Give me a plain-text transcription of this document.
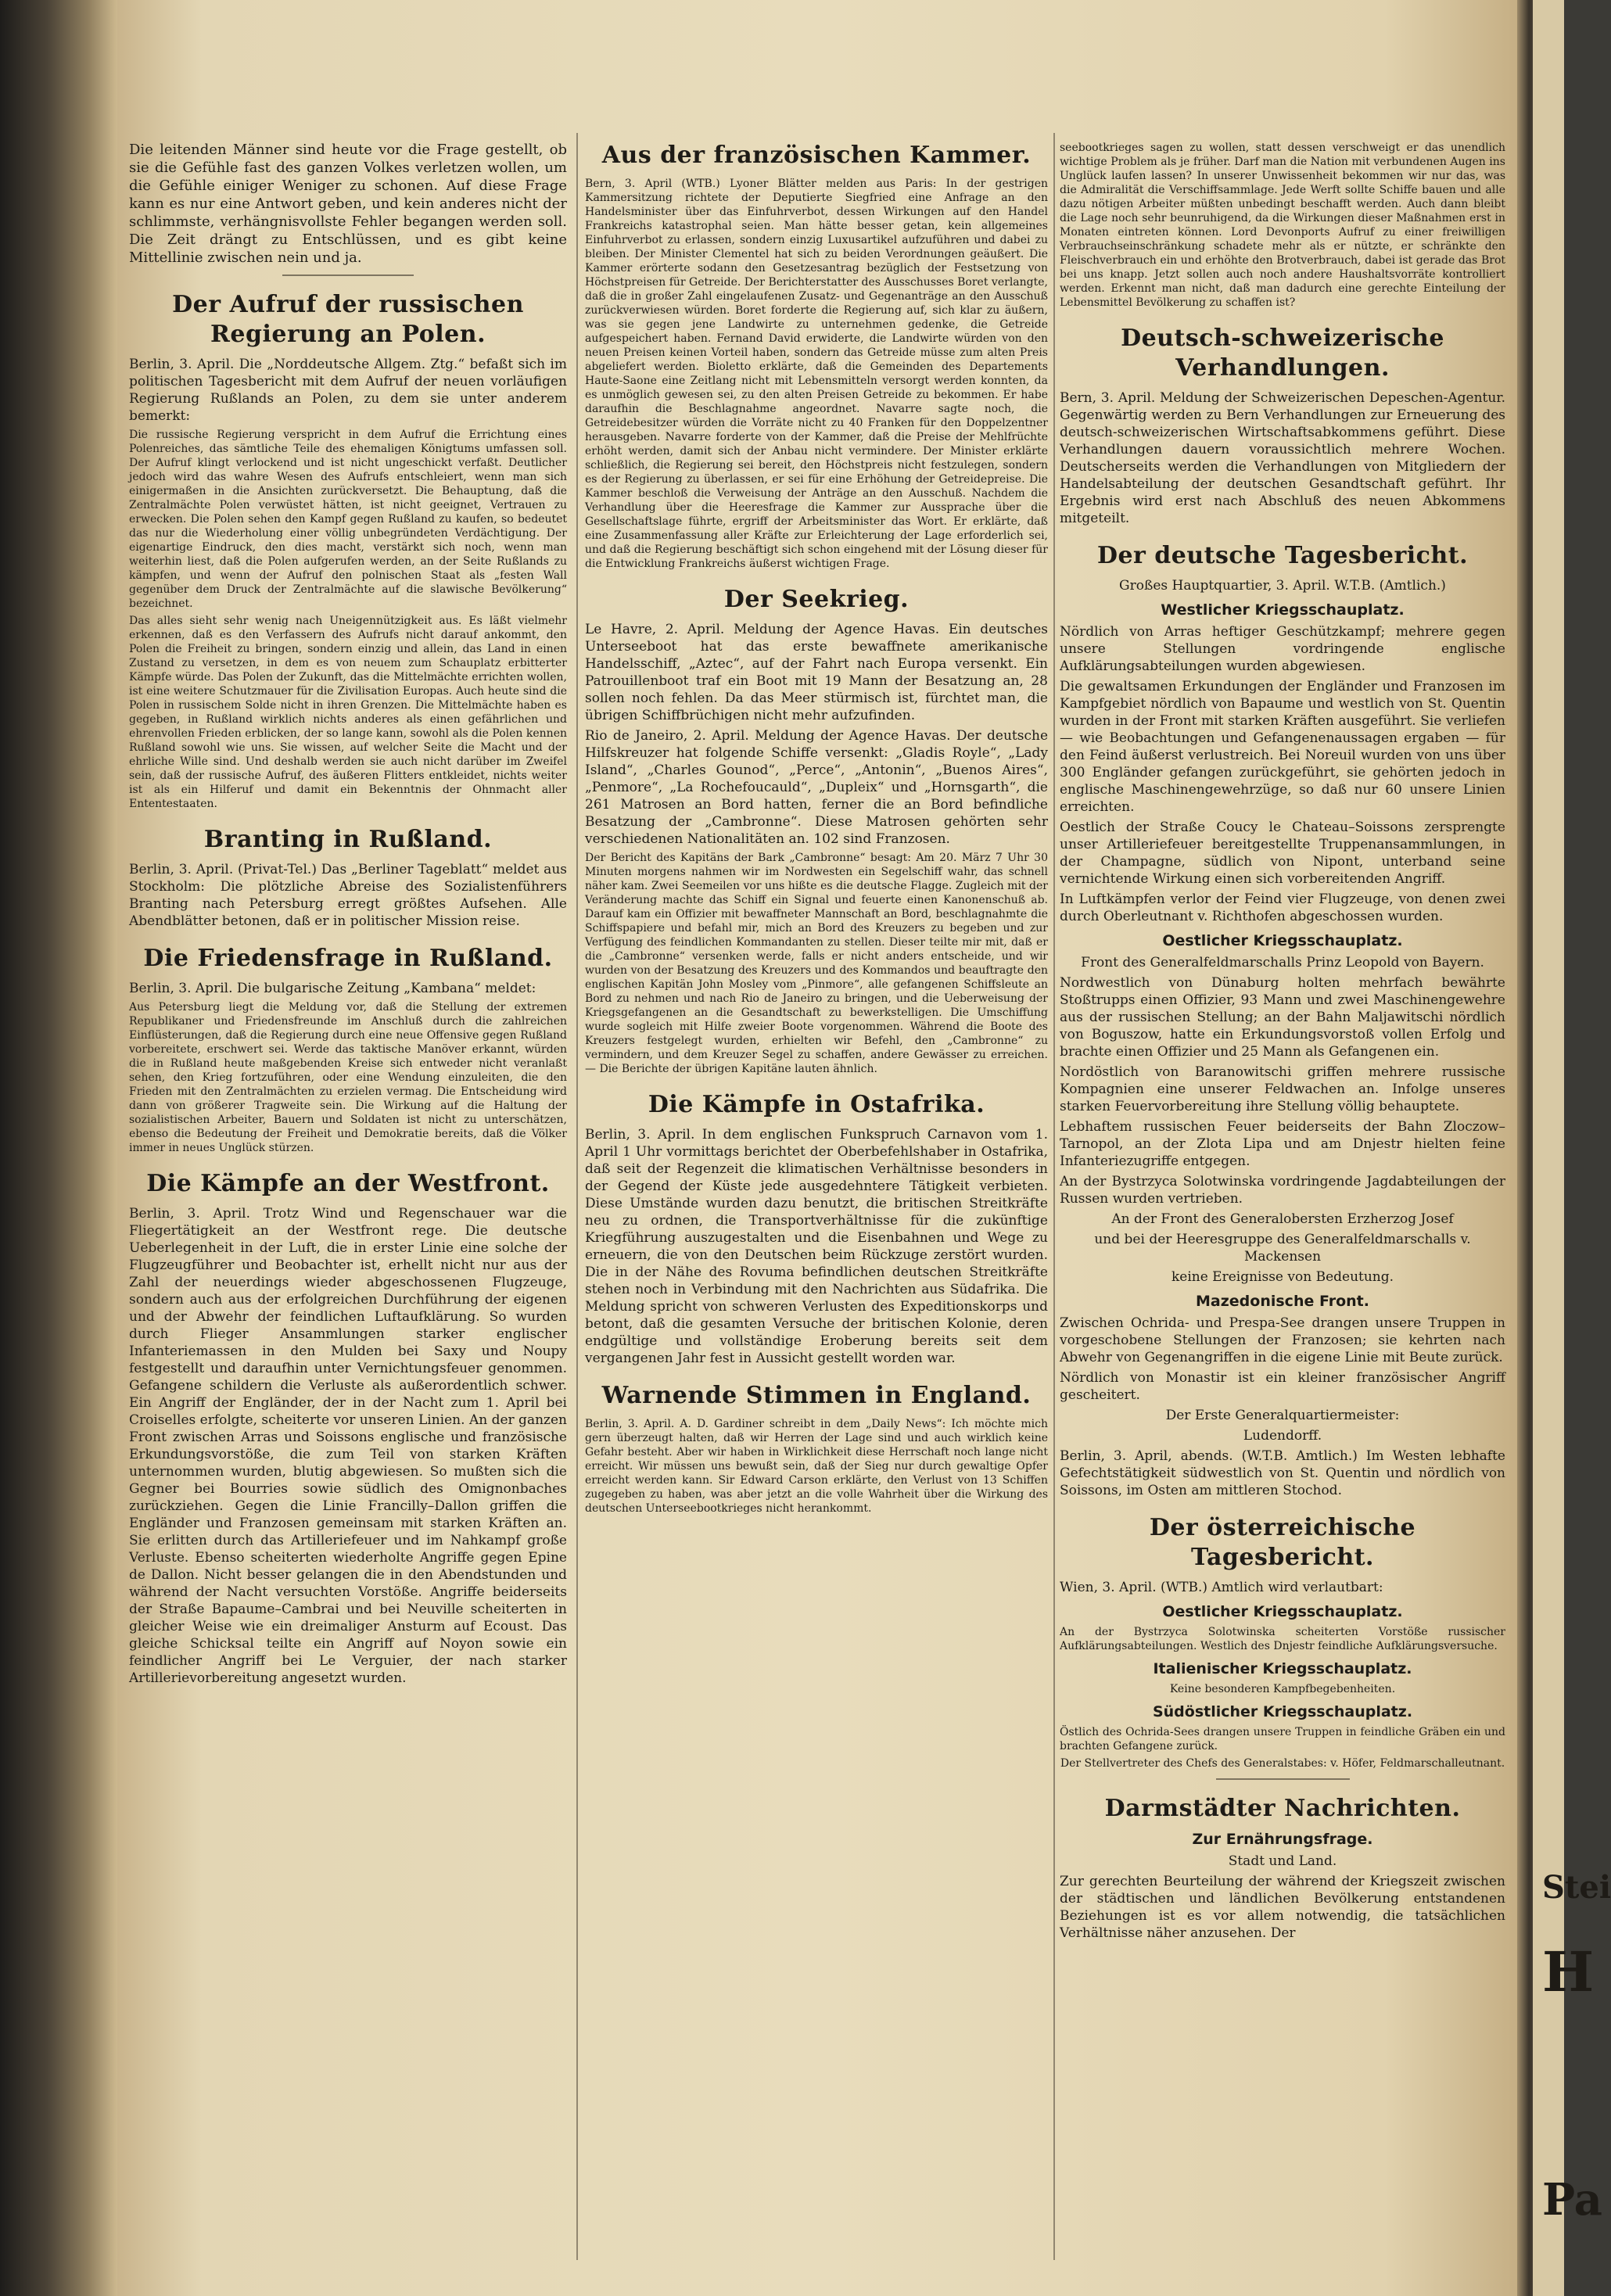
Stei
H
Pa

Die leitenden Männer sind heute vor die Frage gestellt, ob sie die Gefühle fast des ganzen Volkes verletzen wollen, um die Gefühle einiger Weniger zu schonen. Auf diese Frage kann es nur eine Antwort geben, und kein anderes nicht der schlimmste, verhängnisvollste Fehler begangen werden soll. Die Zeit drängt zu Entschlüssen, und es gibt keine Mittellinie zwischen nein und ja.

Der Aufruf der russischen Regierung an Polen.

Berlin, 3. April. Die „Norddeutsche Allgem. Ztg.“ befaßt sich im politischen Tagesbericht mit dem Aufruf der neuen vorläufigen Regierung Rußlands an Polen, zu dem sie unter anderem bemerkt:

Die russische Regierung verspricht in dem Aufruf die Errichtung eines Polenreiches, das sämtliche Teile des ehemaligen Königtums umfassen soll. Der Aufruf klingt verlockend und ist nicht ungeschickt verfaßt. Deutlicher jedoch wird das wahre Wesen des Aufrufs entschleiert, wenn man sich einigermaßen in die Ansichten zurückversetzt. Die Behauptung, daß die Zentralmächte Polen verwüstet hätten, ist nicht geeignet, Vertrauen zu erwecken. Die Polen sehen den Kampf gegen Rußland zu kaufen, so bedeutet das nur die Wiederholung einer völlig unbegründeten Verdächtigung. Der eigenartige Eindruck, den dies macht, verstärkt sich noch, wenn man weiterhin liest, daß die Polen aufgerufen werden, an der Seite Rußlands zu kämpfen, und wenn der Aufruf den polnischen Staat als „festen Wall gegenüber dem Druck der Zentralmächte auf die slawische Bevölkerung“ bezeichnet.

Das alles sieht sehr wenig nach Uneigennützigkeit aus. Es läßt vielmehr erkennen, daß es den Verfassern des Aufrufs nicht darauf ankommt, den Polen die Freiheit zu bringen, sondern einzig und allein, das Land in einen Zustand zu versetzen, in dem es von neuem zum Schauplatz erbitterter Kämpfe würde. Das Polen der Zukunft, das die Mittelmächte errichten wollen, ist eine weitere Schutzmauer für die Zivilisation Europas. Auch heute sind die Polen in russischem Solde nicht in ihren Grenzen. Die Mittelmächte haben es gegeben, in Rußland wirklich nichts anderes als einen gefährlichen und ehrenvollen Frieden erblicken, der so lange kann, sowohl als die Polen kennen Rußland sowohl wie uns. Sie wissen, auf welcher Seite die Macht und der ehrliche Wille sind. Und deshalb werden sie auch nicht darüber im Zweifel sein, daß der russische Aufruf, des äußeren Flitters entkleidet, nichts weiter ist als ein Hilferuf und damit ein Bekenntnis der Ohnmacht aller Ententestaaten.

Branting in Rußland.

Berlin, 3. April. (Privat-Tel.) Das „Berliner Tageblatt“ meldet aus Stockholm: Die plötzliche Abreise des Sozialistenführers Branting nach Petersburg erregt größtes Aufsehen. Alle Abendblätter betonen, daß er in politischer Mission reise.

Die Friedensfrage in Rußland.

Berlin, 3. April. Die bulgarische Zeitung „Kambana“ meldet:

Aus Petersburg liegt die Meldung vor, daß die Stellung der extremen Republikaner und Friedensfreunde im Anschluß durch die zahlreichen Einflüsterungen, daß die Regierung durch eine neue Offensive gegen Rußland vorbereitete, erschwert sei. Werde das taktische Manöver erkannt, würden die in Rußland heute maßgebenden Kreise sich entweder nicht veranlaßt sehen, den Krieg fortzuführen, oder eine Wendung einzuleiten, die den Frieden mit den Zentralmächten zu erzielen vermag. Die Entscheidung wird dann von größerer Tragweite sein. Die Wirkung auf die Haltung der sozialistischen Arbeiter, Bauern und Soldaten ist nicht zu unterschätzen, ebenso die Bedeutung der Freiheit und Demokratie bereits, daß die Völker immer in neues Unglück stürzen.

Die Kämpfe an der Westfront.

Berlin, 3. April. Trotz Wind und Regenschauer war die Fliegertätigkeit an der Westfront rege. Die deutsche Ueberlegenheit in der Luft, die in erster Linie eine solche der Flugzeugführer und Beobachter ist, erhellt nicht nur aus der Zahl der neuerdings wieder abgeschossenen Flugzeuge, sondern auch aus der erfolgreichen Durchführung der eigenen und der Abwehr der feindlichen Luftaufklärung. So wurden durch Flieger Ansammlungen starker englischer Infanteriemassen in den Mulden bei Saxy und Noupy festgestellt und daraufhin unter Vernichtungsfeuer genommen. Gefangene schildern die Verluste als außerordentlich schwer. Ein Angriff der Engländer, der in der Nacht zum 1. April bei Croiselles erfolgte, scheiterte vor unseren Linien. An der ganzen Front zwischen Arras und Soissons englische und französische Erkundungsvorstöße, die zum Teil von starken Kräften unternommen wurden, blutig abgewiesen. So mußten sich die Gegner bei Bourries sowie südlich des Omignonbaches zurückziehen. Gegen die Linie Francilly–Dallon griffen die Engländer und Franzosen gemeinsam mit starken Kräften an. Sie erlitten durch das Artilleriefeuer und im Nahkampf große Verluste. Ebenso scheiterten wiederholte Angriffe gegen Epine de Dallon. Nicht besser gelangen die in den Abendstunden und während der Nacht versuchten Vorstöße. Angriffe beiderseits der Straße Bapaume–Cambrai und bei Neuville scheiterten in gleicher Weise wie ein dreimaliger Ansturm auf Ecoust. Das gleiche Schicksal teilte ein Angriff auf Noyon sowie ein feindlicher Angriff bei Le Verguier, der nach starker Artillerievorbereitung angesetzt wurden.

Aus der französischen Kammer.

Bern, 3. April (WTB.) Lyoner Blätter melden aus Paris: In der gestrigen Kammersitzung richtete der Deputierte Siegfried eine Anfrage an den Handelsminister über das Einfuhrverbot, dessen Wirkungen auf den Handel Frankreichs katastrophal seien. Man hätte besser getan, kein allgemeines Einfuhrverbot zu erlassen, sondern einzig Luxusartikel aufzuführen und dabei zu bleiben. Der Minister Clementel hat sich zu beiden Verordnungen geäußert. Die Kammer erörterte sodann den Gesetzesantrag bezüglich der Festsetzung von Höchstpreisen für Getreide. Der Berichterstatter des Ausschusses Boret verlangte, daß die in großer Zahl eingelaufenen Zusatz- und Gegenanträge an den Ausschuß zurückverwiesen würden. Boret forderte die Regierung auf, sich klar zu äußern, was sie gegen jene Landwirte zu unternehmen gedenke, die Getreide aufgespeichert haben. Fernand David erwiderte, die Landwirte würden von den neuen Preisen keinen Vorteil haben, sondern das Getreide müsse zum alten Preis abgeliefert werden. Bioletto erklärte, daß die Gemeinden des Departements Haute-Saone eine Zeitlang nicht mit Lebensmitteln versorgt werden konnten, da es unmöglich gewesen sei, zu den alten Preisen Getreide zu bekommen. Er habe daraufhin die Beschlagnahme angeordnet. Navarre sagte noch, die Getreidebesitzer würden die Vorräte nicht zu 40 Franken für den Doppelzentner herausgeben. Navarre forderte von der Kammer, daß die Preise der Mehlfrüchte erhöht werden, damit sich der Anbau nicht vermindere. Der Minister erklärte schließlich, die Regierung sei bereit, den Höchstpreis nicht festzulegen, sondern es der Regierung zu überlassen, er sei für eine Erhöhung der Getreidepreise. Die Kammer beschloß die Verweisung der Anträge an den Ausschuß. Nachdem die Verhandlung über die Heeresfrage die Kammer zur Aussprache über die Gesellschaftslage führte, ergriff der Arbeitsminister das Wort. Er erklärte, daß eine Zusammenfassung aller Kräfte zur Erleichterung der Lage erforderlich sei, und daß die Regierung beschäftigt sich schon eingehend mit der Lösung dieser für die Entwicklung Frankreichs äußerst wichtigen Frage.

Der Seekrieg.

Le Havre, 2. April. Meldung der Agence Havas. Ein deutsches Unterseeboot hat das erste bewaffnete amerikanische Handelsschiff, „Aztec“, auf der Fahrt nach Europa versenkt. Ein Patrouillenboot traf ein Boot mit 19 Mann der Besatzung an, 28 sollen noch fehlen. Da das Meer stürmisch ist, fürchtet man, die übrigen Schiffbrüchigen nicht mehr aufzufinden.

Rio de Janeiro, 2. April. Meldung der Agence Havas. Der deutsche Hilfskreuzer hat folgende Schiffe versenkt: „Gladis Royle“, „Lady Island“, „Charles Gounod“, „Perce“, „Antonin“, „Buenos Aires“, „Penmore“, „La Rochefoucauld“, „Dupleix“ und „Hornsgarth“, die 261 Matrosen an Bord hatten, ferner die an Bord befindliche Besatzung der „Cambronne“. Diese Matrosen gehörten sehr verschiedenen Nationalitäten an. 102 sind Franzosen.

Der Bericht des Kapitäns der Bark „Cambronne“ besagt: Am 20. März 7 Uhr 30 Minuten morgens nahmen wir im Nordwesten ein Segelschiff wahr, das schnell näher kam. Zwei Seemeilen vor uns hißte es die deutsche Flagge. Zugleich mit der Veränderung machte das Schiff ein Signal und feuerte einen Kanonenschuß ab. Darauf kam ein Offizier mit bewaffneter Mannschaft an Bord, beschlagnahmte die Schiffspapiere und befahl mir, mich an Bord des Kreuzers zu begeben und zur Verfügung des feindlichen Kommandanten zu stellen. Dieser teilte mir mit, daß er die „Cambronne“ versenken werde, falls er nicht anders entscheide, und wir wurden von der Besatzung des Kreuzers und des Kommandos und beauftragte den englischen Kapitän John Mosley vom „Pinmore“, alle gefangenen Schiffsleute an Bord zu nehmen und nach Rio de Janeiro zu bringen, und die Ueberweisung der Kriegsgefangenen an die Gesandtschaft zu bewerkstelligen. Die Umschiffung wurde sogleich mit Hilfe zweier Boote vorgenommen. Während die Boote des Kreuzers festgelegt wurden, erhielten wir Befehl, den „Cambronne“ zu vermindern, und dem Kreuzer Segel zu schaffen, andere Gewässer zu erreichen. — Die Berichte der übrigen Kapitäne lauten ähnlich.

Die Kämpfe in Ostafrika.

Berlin, 3. April. In dem englischen Funkspruch Carnavon vom 1. April 1 Uhr vormittags berichtet der Oberbefehlshaber in Ostafrika, daß seit der Regenzeit die klimatischen Verhältnisse besonders in der Gegend der Küste jede ausgedehntere Tätigkeit verbieten. Diese Umstände wurden dazu benutzt, die britischen Streitkräfte neu zu ordnen, die Transportverhältnisse für die zukünftige Kriegführung auszugestalten und die Eisenbahnen und Wege zu erneuern, die von den Deutschen beim Rückzuge zerstört wurden. Die in der Nähe des Rovuma befindlichen deutschen Streitkräfte stehen noch in Verbindung mit den Nachrichten aus Südafrika. Die Meldung spricht von schweren Verlusten des Expeditionskorps und betont, daß die gesamten Versuche der britischen Kolonie, deren endgültige und vollständige Eroberung bereits seit dem vergangenen Jahr fest in Aussicht gestellt worden war.

Warnende Stimmen in England.

Berlin, 3. April. A. D. Gardiner schreibt in dem „Daily News“: Ich möchte mich gern überzeugt halten, daß wir Herren der Lage sind und auch wirklich keine Gefahr besteht. Aber wir haben in Wirklichkeit diese Herrschaft noch lange nicht erreicht. Wir müssen uns bewußt sein, daß der Sieg nur durch gewaltige Opfer erreicht werden kann. Sir Edward Carson erklärte, den Verlust von 13 Schiffen zugegeben zu haben, was aber jetzt an die volle Wahrheit über die Wirkung des deutschen Unterseebootkrieges nicht herankommt.

seebootkrieges sagen zu wollen, statt dessen verschweigt er das unendlich wichtige Problem als je früher. Darf man die Nation mit verbundenen Augen ins Unglück laufen lassen? In unserer Unwissenheit bekommen wir nur das, was die Admiralität die Verschiffsammlage. Jede Werft sollte Schiffe bauen und alle dazu nötigen Arbeiter müßten unbedingt beschafft werden. Auch dann bleibt die Lage noch sehr beunruhigend, da die Wirkungen dieser Maßnahmen erst in Monaten eintreten können. Lord Devonports Aufruf zu einer freiwilligen Verbrauchseinschränkung schadete mehr als er nützte, er schränkte den Fleischverbrauch ein und erhöhte den Brotverbrauch, dabei ist gerade das Brot bei uns knapp. Jetzt sollen auch noch andere Haushaltsvorräte kontrolliert werden. Erkennt man nicht, daß man dadurch eine gerechte Einteilung der Lebensmittel Bevölkerung zu schaffen ist?

Deutsch-schweizerische Verhandlungen.

Bern, 3. April. Meldung der Schweizerischen Depeschen-Agentur. Gegenwärtig werden zu Bern Verhandlungen zur Erneuerung des deutsch-schweizerischen Wirtschaftsabkommens geführt. Diese Verhandlungen dauern voraussichtlich mehrere Wochen. Deutscherseits werden die Verhandlungen von Mitgliedern der Handelsabteilung der deutschen Gesandtschaft geführt. Ihr Ergebnis wird erst nach Abschluß des neuen Abkommens mitgeteilt.

Der deutsche Tagesbericht.

Großes Hauptquartier, 3. April. W.T.B. (Amtlich.)

Westlicher Kriegsschauplatz.

Nördlich von Arras heftiger Geschützkampf; mehrere gegen unsere Stellungen vordringende englische Aufklärungsabteilungen wurden abgewiesen.

Die gewaltsamen Erkundungen der Engländer und Franzosen im Kampfgebiet nördlich von Bapaume und westlich von St. Quentin wurden in der Front mit starken Kräften ausgeführt. Sie verliefen — wie Beobachtungen und Gefangenenaussagen ergaben — für den Feind äußerst verlustreich. Bei Noreuil wurden von uns über 300 Engländer gefangen zurückgeführt, sie gehörten jedoch in englische Maschinengewehrzüge, so daß nur 60 unsere Linien erreichten.

Oestlich der Straße Coucy le Chateau–Soissons zersprengte unser Artilleriefeuer bereitgestellte Truppenansammlungen, in der Champagne, südlich von Nipont, unterband seine vernichtende Wirkung einen sich vorbereitenden Angriff.

In Luftkämpfen verlor der Feind vier Flugzeuge, von denen zwei durch Oberleutnant v. Richthofen abgeschossen wurden.

Oestlicher Kriegsschauplatz.

Front des Generalfeldmarschalls Prinz Leopold von Bayern.

Nordwestlich von Dünaburg holten mehrfach bewährte Stoßtrupps einen Offizier, 93 Mann und zwei Maschinengewehre aus der russischen Stellung; an der Bahn Maljawitschi nördlich von Boguszow, hatte ein Erkundungsvorstoß vollen Erfolg und brachte einen Offizier und 25 Mann als Gefangenen ein.

Nordöstlich von Baranowitschi griffen mehrere russische Kompagnien eine unserer Feldwachen an. Infolge unseres starken Feuervorbereitung ihre Stellung völlig behauptete.

Lebhaftem russischen Feuer beiderseits der Bahn Zloczow–Tarnopol, an der Zlota Lipa und am Dnjestr hielten feine Infanteriezugriffe entgegen.

An der Bystrzyca Solotwinska vordringende Jagdabteilungen der Russen wurden vertrieben.

An der Front des Generalobersten Erzherzog Josef

und bei der Heeresgruppe des Generalfeldmarschalls v. Mackensen

keine Ereignisse von Bedeutung.

Mazedonische Front.

Zwischen Ochrida- und Prespa-See drangen unsere Truppen in vorgeschobene Stellungen der Franzosen; sie kehrten nach Abwehr von Gegenangriffen in die eigene Linie mit Beute zurück.

Nördlich von Monastir ist ein kleiner französischer Angriff gescheitert.

Der Erste Generalquartiermeister:

Ludendorff.

Berlin, 3. April, abends. (W.T.B. Amtlich.) Im Westen lebhafte Gefechtstätigkeit südwestlich von St. Quentin und nördlich von Soissons, im Osten am mittleren Stochod.

Der österreichische Tagesbericht.

Wien, 3. April. (WTB.) Amtlich wird verlautbart:

Oestlicher Kriegsschauplatz.

An der Bystrzyca Solotwinska scheiterten Vorstöße russischer Aufklärungsabteilungen. Westlich des Dnjestr feindliche Aufklärungsversuche.

Italienischer Kriegsschauplatz.

Keine besonderen Kampfbegebenheiten.

Südöstlicher Kriegsschauplatz.

Östlich des Ochrida-Sees drangen unsere Truppen in feindliche Gräben ein und brachten Gefangene zurück.

Der Stellvertreter des Chefs des Generalstabes: v. Höfer, Feldmarschalleutnant.

Darmstädter Nachrichten.
Zur Ernährungsfrage.

Stadt und Land.

Zur gerechten Beurteilung der während der Kriegszeit zwischen der städtischen und ländlichen Bevölkerung entstandenen Beziehungen ist es vor allem notwendig, die tatsächlichen Verhältnisse näher anzusehen. Der
